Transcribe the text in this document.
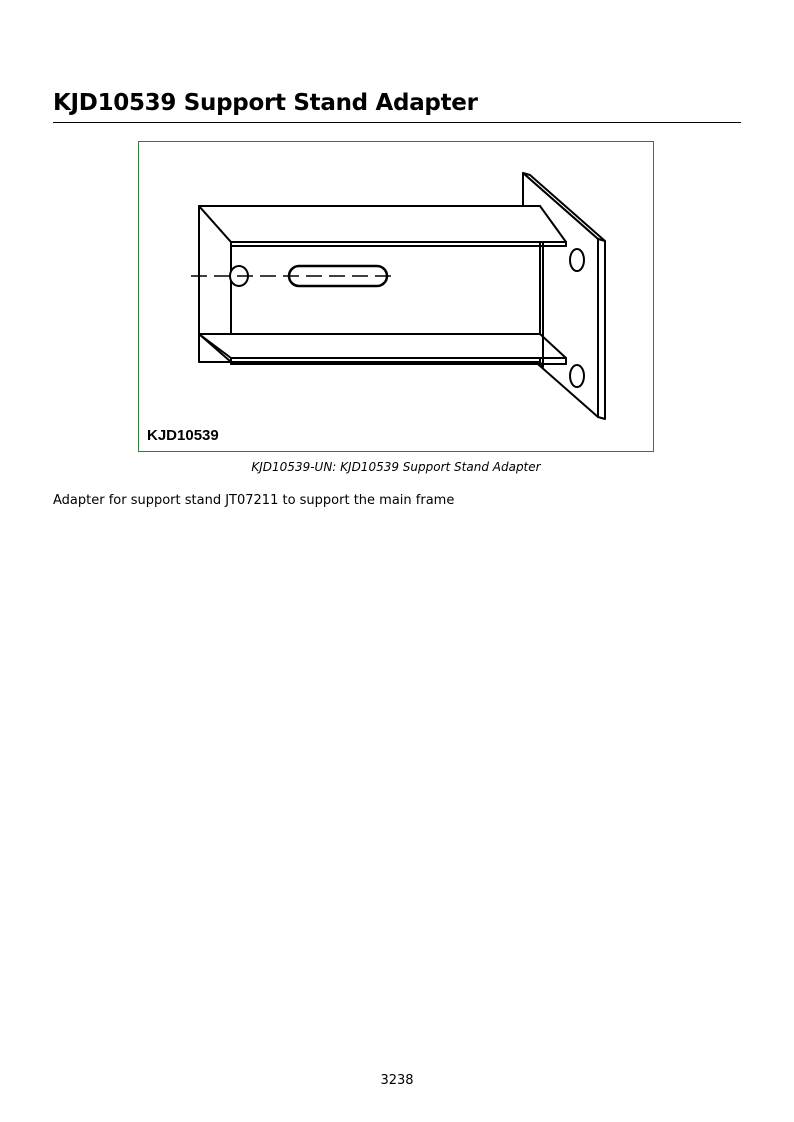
KJD10539 Support Stand Adapter
KJD10539
KJD10539-UN: KJD10539 Support Stand Adapter

Adapter for support stand JT07211 to support the main frame

3238
